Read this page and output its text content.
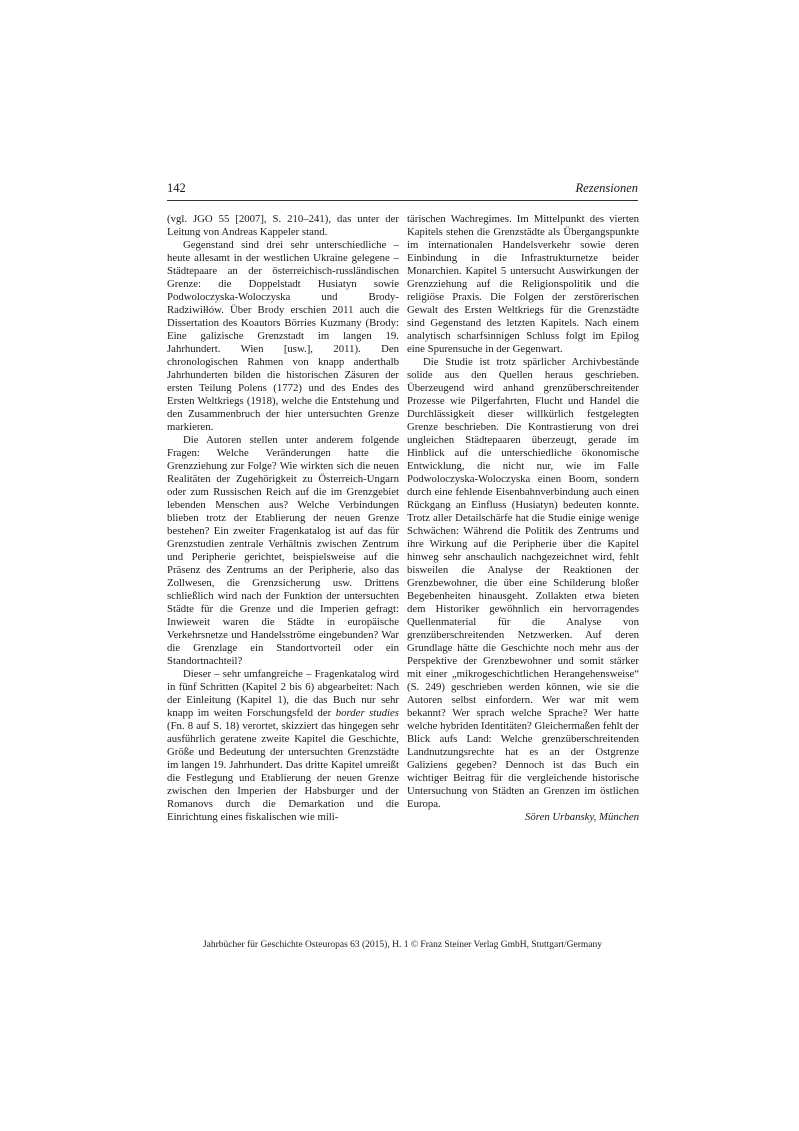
142	Rezensionen

(vgl. JGO 55 [2007], S. 210–241), das unter der Leitung von Andreas Kappeler stand.

Gegenstand sind drei sehr unterschiedliche – heute allesamt in der westlichen Ukraine gelegene – Städtepaare an der österreichisch-russländischen Grenze: die Doppelstadt Husiatyn sowie Podwoloczyska-Woloczyska und Brody-Radziwiłłów. Über Brody erschien 2011 auch die Dissertation des Koautors Börries Kuzmany (Brody: Eine galizische Grenzstadt im langen 19. Jahrhundert. Wien [usw.], 2011). Den chronologischen Rahmen von knapp anderthalb Jahrhunderten bilden die historischen Zäsuren der ersten Teilung Polens (1772) und des Endes des Ersten Weltkriegs (1918), welche die Entstehung und den Zusammenbruch der hier untersuchten Grenze markieren.

Die Autoren stellen unter anderem folgende Fragen: Welche Veränderungen hatte die Grenzziehung zur Folge? Wie wirkten sich die neuen Realitäten der Zugehörigkeit zu Österreich-Ungarn oder zum Russischen Reich auf die im Grenzgebiet lebenden Menschen aus? Welche Verbindungen blieben trotz der Etablierung der neuen Grenze bestehen? Ein zweiter Fragenkatalog ist auf das für Grenzstudien zentrale Verhältnis zwischen Zentrum und Peripherie gerichtet, beispielsweise auf die Präsenz des Zentrums an der Peripherie, also das Zollwesen, die Grenzsicherung usw. Drittens schließlich wird nach der Funktion der untersuchten Städte für die Grenze und die Imperien gefragt: Inwieweit waren die Städte in europäische Verkehrsnetze und Handelsströme eingebunden? War die Grenzlage ein Standortvorteil oder ein Standortnachteil?

Dieser – sehr umfangreiche – Fragenkatalog wird in fünf Schritten (Kapitel 2 bis 6) abgearbeitet: Nach der Einleitung (Kapitel 1), die das Buch nur sehr knapp im weiten Forschungsfeld der border studies (Fn. 8 auf S. 18) verortet, skizziert das hingegen sehr ausführlich geratene zweite Kapitel die Geschichte, Größe und Bedeutung der untersuchten Grenzstädte im langen 19. Jahrhundert. Das dritte Kapitel umreißt die Festlegung und Etablierung der neuen Grenze zwischen den Imperien der Habsburger und der Romanovs durch die Demarkation und die Einrichtung eines fiskalischen wie mili-

tärischen Wachregimes. Im Mittelpunkt des vierten Kapitels stehen die Grenzstädte als Übergangspunkte im internationalen Handelsverkehr sowie deren Einbindung in die Infrastrukturnetze beider Monarchien. Kapitel 5 untersucht Auswirkungen der Grenzziehung auf die Religionspolitik und die religiöse Praxis. Die Folgen der zerstörerischen Gewalt des Ersten Weltkriegs für die Grenzstädte sind Gegenstand des letzten Kapitels. Nach einem analytisch scharfsinnigen Schluss folgt im Epilog eine Spurensuche in der Gegenwart.

Die Studie ist trotz spärlicher Archivbestände solide aus den Quellen heraus geschrieben. Überzeugend wird anhand grenzüberschreitender Prozesse wie Pilgerfahrten, Flucht und Handel die Durchlässigkeit dieser willkürlich festgelegten Grenze beschrieben. Die Kontrastierung von drei ungleichen Städtepaaren überzeugt, gerade im Hinblick auf die unterschiedliche ökonomische Entwicklung, die nicht nur, wie im Falle Podwoloczyska-Woloczyska einen Boom, sondern durch eine fehlende Eisenbahnverbindung auch einen Rückgang an Einfluss (Husiatyn) bedeuten konnte. Trotz aller Detailschärfe hat die Studie einige wenige Schwächen: Während die Politik des Zentrums und ihre Wirkung auf die Peripherie über die Kapitel hinweg sehr anschaulich nachgezeichnet wird, fehlt bisweilen die Analyse der Reaktionen der Grenzbewohner, die über eine Schilderung bloßer Begebenheiten hinausgeht. Zollakten etwa bieten dem Historiker gewöhnlich ein hervorragendes Quellenmaterial für die Analyse von grenzüberschreitenden Netzwerken. Auf deren Grundlage hätte die Geschichte noch mehr aus der Perspektive der Grenzbewohner und somit stärker mit einer „mikrogeschichtlichen Herangehensweise“ (S. 249) geschrieben werden können, wie sie die Autoren selbst einfordern. Wer war mit wem bekannt? Wer sprach welche Sprache? Wer hatte welche hybriden Identitäten? Gleichermaßen fehlt der Blick aufs Land: Welche grenzüberschreitenden Landnutzungsrechte hat es an der Ostgrenze Galiziens gegeben? Dennoch ist das Buch ein wichtiger Beitrag für die vergleichende historische Untersuchung von Städten an Grenzen im östlichen Europa.

Sören Urbansky, München

Jahrbücher für Geschichte Osteuropas 63 (2015), H. 1 © Franz Steiner Verlag GmbH, Stuttgart/Germany
